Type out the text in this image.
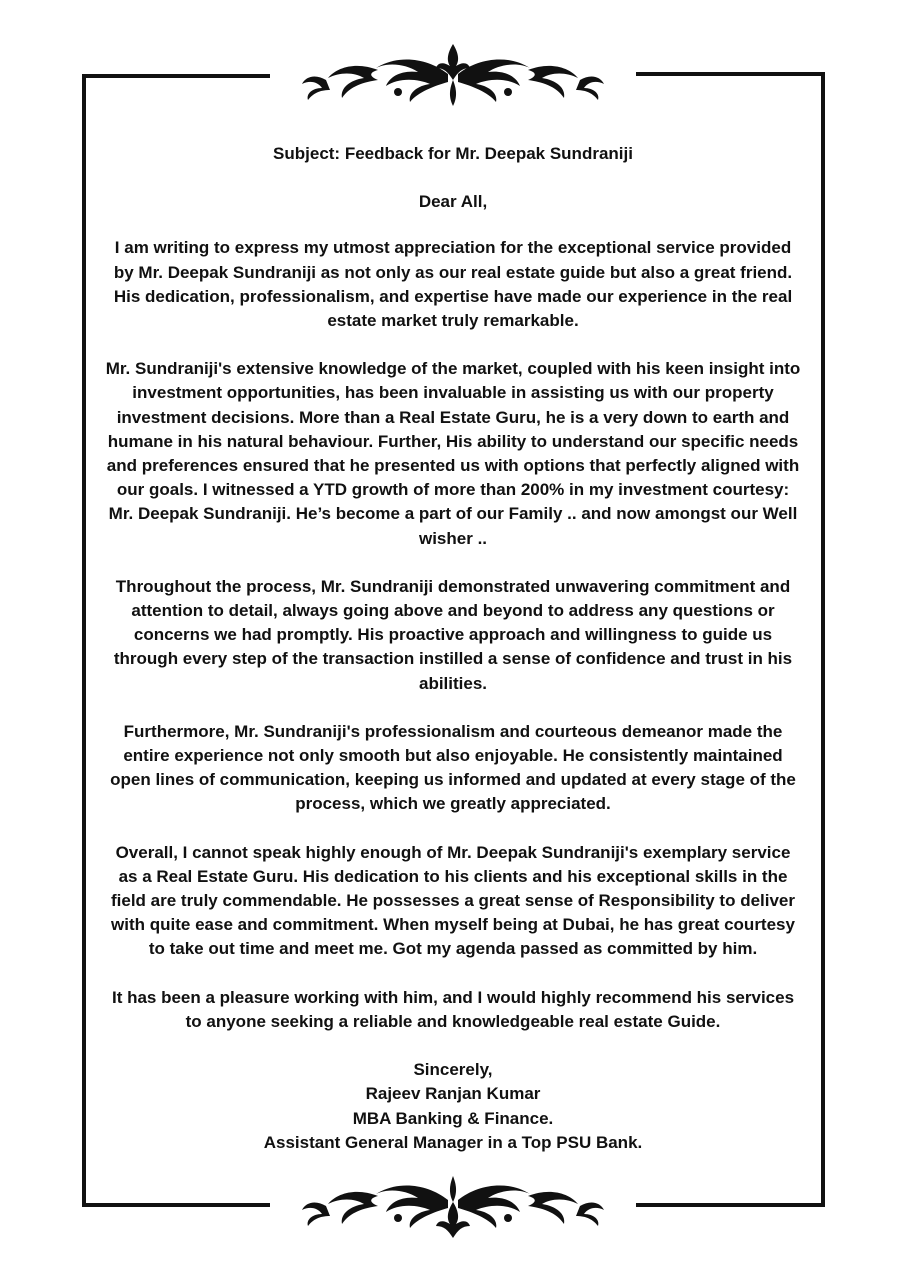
Subject: Feedback for Mr. Deepak Sundraniji

Dear All,

I am writing to express my utmost appreciation for the exceptional service provided by Mr. Deepak Sundraniji as not only as our real estate guide but also a great friend. His dedication, professionalism, and expertise have made our experience in the real estate market truly remarkable.

Mr. Sundraniji's extensive knowledge of the market, coupled with his keen insight into investment opportunities, has been invaluable in assisting us with our property investment decisions. More than a Real Estate Guru, he is a very down to earth and humane in his natural behaviour. Further, His ability to understand our specific needs and preferences ensured that he presented us with options that perfectly aligned with our goals. I witnessed a YTD growth of more than 200% in my investment courtesy: Mr. Deepak Sundraniji. He’s become a part of our Family .. and now amongst our Well wisher ..

Throughout the process, Mr. Sundraniji demonstrated unwavering commitment and attention to detail, always going above and beyond to address any questions or concerns we had promptly. His proactive approach and willingness to guide us through every step of the transaction instilled a sense of confidence and trust in his abilities.

Furthermore, Mr. Sundraniji's professionalism and courteous demeanor made the entire experience not only smooth but also enjoyable. He consistently maintained open lines of communication, keeping us informed and updated at every stage of the process, which we greatly appreciated.

Overall, I cannot speak highly enough of Mr. Deepak Sundraniji's exemplary service as a Real Estate Guru. His dedication to his clients and his exceptional skills in the field are truly commendable. He possesses a great sense of Responsibility to deliver with quite ease and commitment. When myself being at Dubai, he has great courtesy to take out time and meet me. Got my agenda passed as committed by him.

It has been a pleasure working with him, and I would highly recommend his services to anyone seeking a reliable and knowledgeable real estate Guide.

Sincerely,

Rajeev Ranjan Kumar

MBA Banking & Finance.

Assistant General Manager in a Top PSU Bank.
